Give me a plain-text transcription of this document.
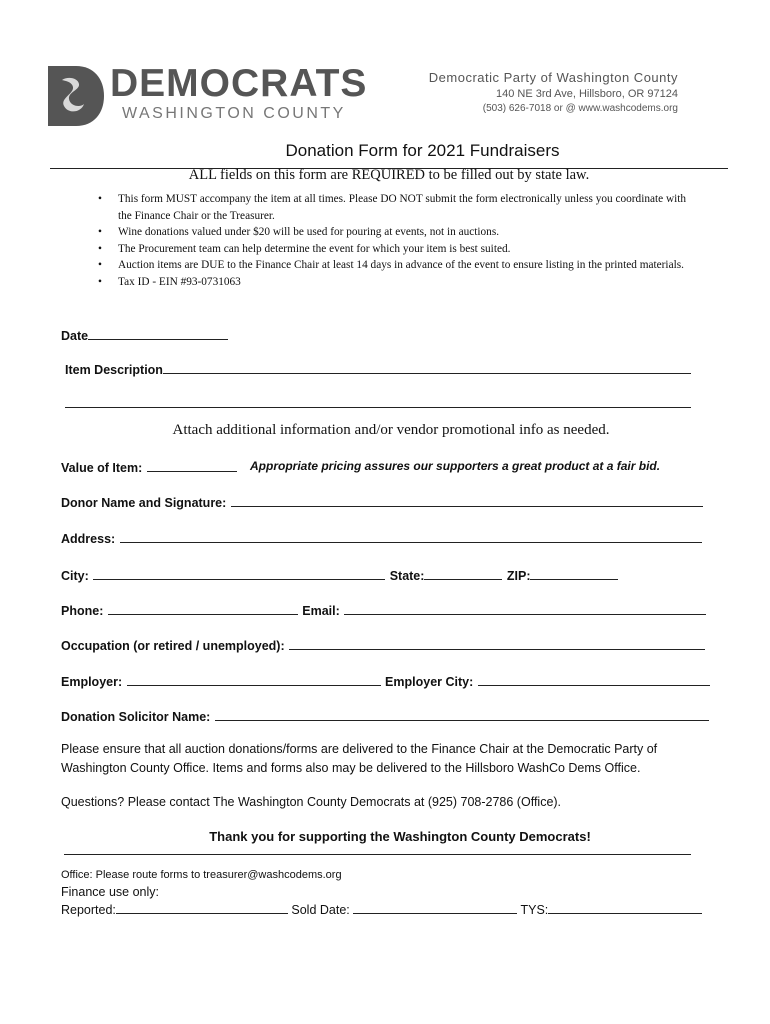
DEMOCRATS
WASHINGTON COUNTY
Democratic Party of Washington County
140 NE 3rd Ave, Hillsboro, OR 97124
(503) 626-7018 or @ www.washcodems.org
Donation Form for 2021 Fundraisers
ALL fields on this form are REQUIRED to be filled out by state law.
• This form MUST accompany the item at all times. Please DO NOT submit the form electronically unless you coordinate with the Finance Chair or the Treasurer.
• Wine donations valued under $20 will be used for pouring at events, not in auctions.
• The Procurement team can help determine the event for which your item is best suited.
• Auction items are DUE to the Finance Chair at least 14 days in advance of the event to ensure listing in the printed materials.
• Tax ID - EIN #93-0731063
Date
Item Description
Attach additional information and/or vendor promotional info as needed.
Value of Item:	Appropriate pricing assures our supporters a great product at a fair bid.
Donor Name and Signature:
Address:
City:	State:	ZIP:
Phone:	Email:
Occupation (or retired / unemployed):
Employer:	Employer City:
Donation Solicitor Name:
Please ensure that all auction donations/forms are delivered to the Finance Chair at the Democratic Party of Washington County Office. Items and forms also may be delivered to the Hillsboro WashCo Dems Office.
Questions? Please contact The Washington County Democrats at (925) 708-2786 (Office).
Thank you for supporting the Washington County Democrats!
Office: Please route forms to treasurer@washcodems.org
Finance use only:
Reported:	Sold Date:	TYS:
